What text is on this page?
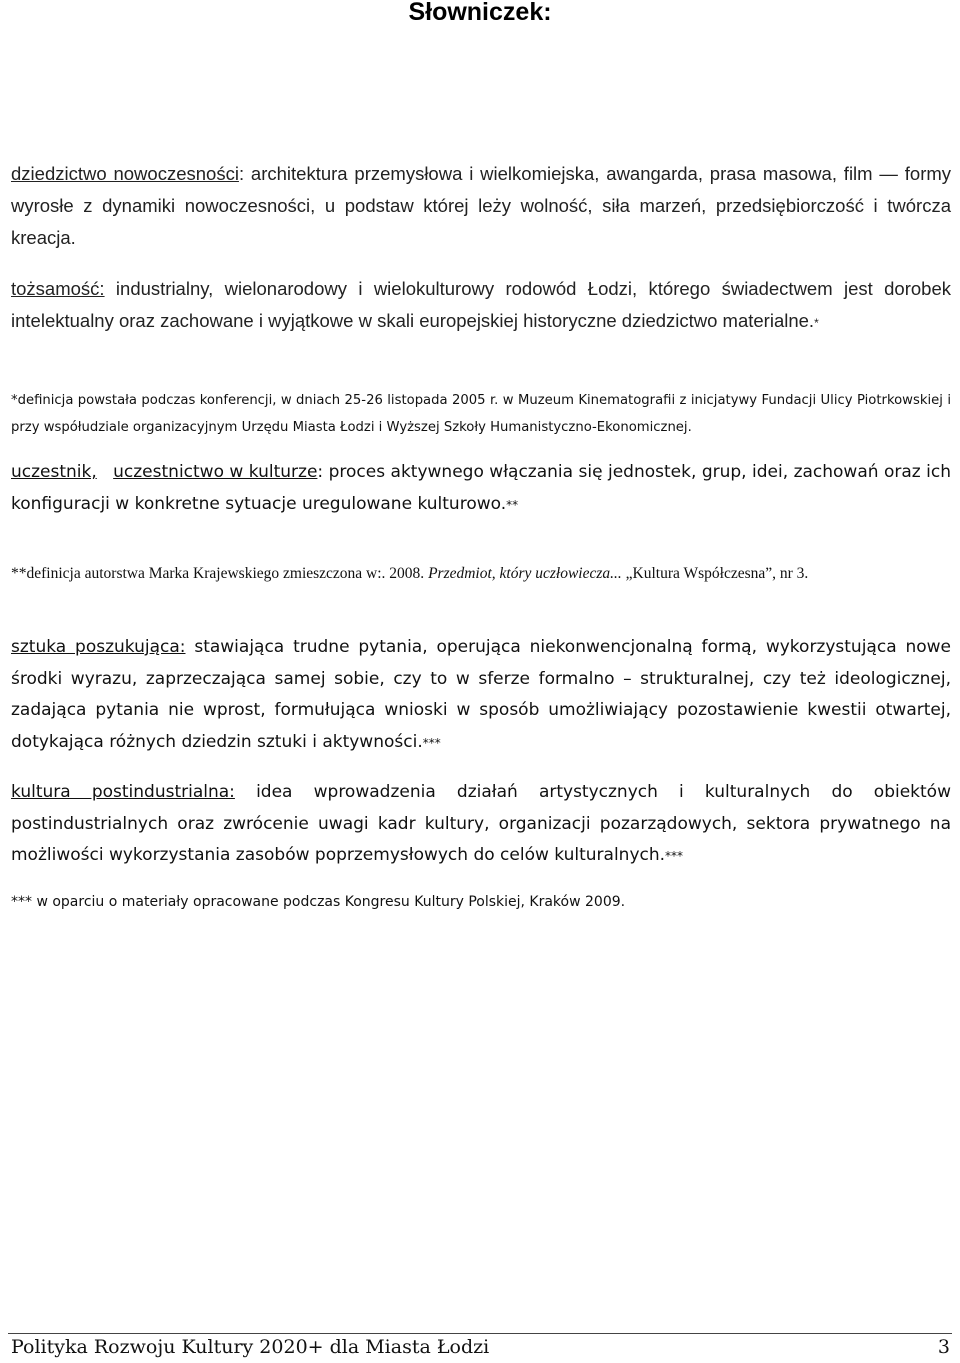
Słowniczek:

dziedzictwo nowoczesności: architektura przemysłowa i wielkomiejska, awangarda, prasa masowa, film — formy wyrosłe z dynamiki nowoczesności, u podstaw której leży wolność, siła marzeń, przedsiębiorczość i twórcza kreacja.

tożsamość: industrialny, wielonarodowy i wielokulturowy rodowód Łodzi, którego świadectwem jest dorobek intelektualny oraz zachowane i wyjątkowe w skali europejskiej historyczne dziedzictwo materialne.*

*definicja powstała podczas konferencji, w dniach 25-26 listopada 2005 r. w Muzeum Kinematografii z inicjatywy Fundacji Ulicy Piotrkowskiej i przy współudziale organizacyjnym Urzędu Miasta Łodzi i Wyższej Szkoły Humanistyczno-Ekonomicznej.

uczestnik, uczestnictwo w kulturze: proces aktywnego włączania się jednostek, grup, idei, zachowań oraz ich konfiguracji w konkretne sytuacje uregulowane kulturowo.**

**definicja autorstwa Marka Krajewskiego zmieszczona w:. 2008. Przedmiot, który uczłowiecza... „Kultura Współczesna”, nr 3.

sztuka poszukująca: stawiająca trudne pytania, operująca niekonwencjonalną formą, wykorzystująca nowe środki wyrazu, zaprzeczająca samej sobie, czy to w sferze formalno – strukturalnej, czy też ideologicznej, zadająca pytania nie wprost, formułująca wnioski w sposób umożliwiający pozostawienie kwestii otwartej, dotykająca różnych dziedzin sztuki i aktywności.***

kultura postindustrialna: idea wprowadzenia działań artystycznych i kulturalnych do obiektów postindustrialnych oraz zwrócenie uwagi kadr kultury, organizacji pozarządowych, sektora prywatnego na możliwości wykorzystania zasobów poprzemysłowych do celów kulturalnych.***

*** w oparciu o materiały opracowane podczas Kongresu Kultury Polskiej, Kraków 2009.

Polityka Rozwoju Kultury 2020+ dla Miasta Łodzi	3
